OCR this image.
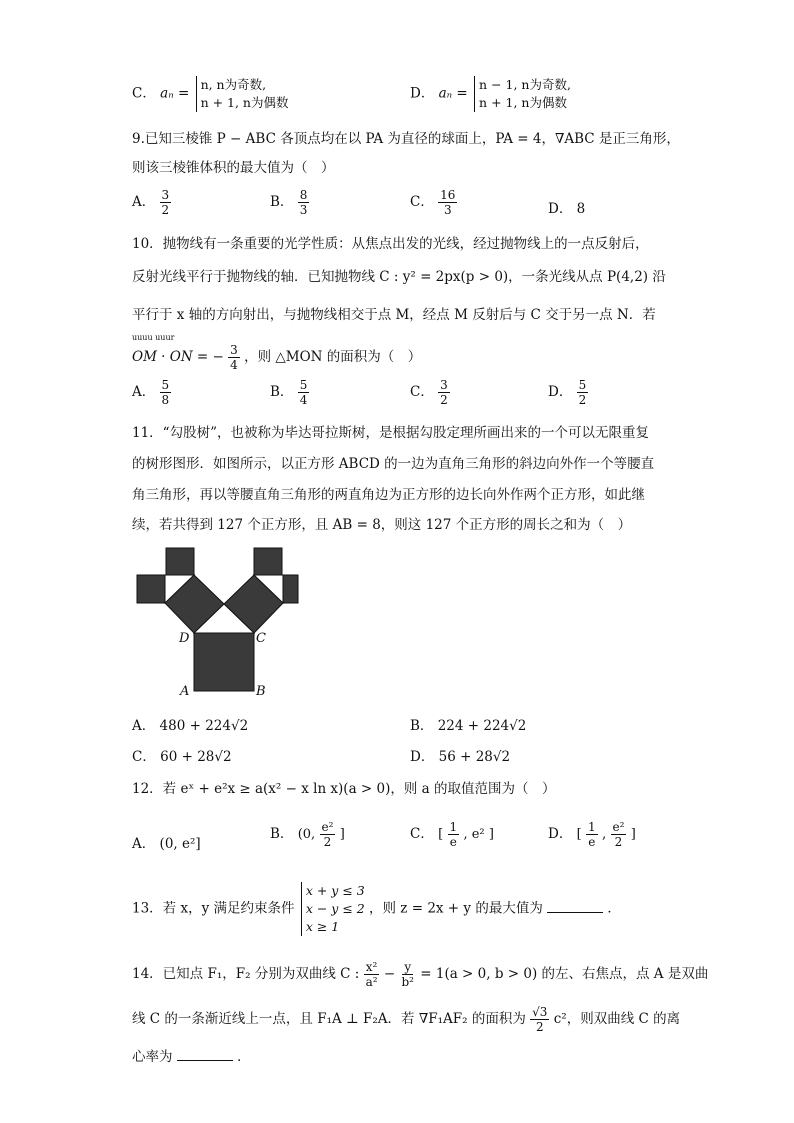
C． aₙ =
n, n为奇数,
n + 1, n为偶数
D． aₙ =
n − 1, n为奇数,
n + 1, n为偶数
9.已知三棱锥 P − ABC 各顶点均在以 PA 为直径的球面上，PA = 4，∇ABC 是正三角形，
则该三棱锥体积的最大值为（　）
A． $\frac{3}{2}$	B． $\frac{8}{3}$	C． $\frac{16}{3}$	D． 8
10．抛物线有一条重要的光学性质：从焦点出发的光线，经过抛物线上的一点反射后，
反射光线平行于抛物线的轴．已知抛物线 C : y² = 2px(p > 0)，一条光线从点 P(4,2) 沿
平行于 x 轴的方向射出，与抛物线相交于点 M，经点 M 反射后与 C 交于另一点 N．若
uuuu uuur
OM · ON = − $\frac{3}{4}$ ，则 △MON 的面积为（　）
A． $\frac{5}{8}$	B． $\frac{5}{4}$	C． $\frac{3}{2}$	D． $\frac{5}{2}$
11．“勾股树”，也被称为毕达哥拉斯树，是根据勾股定理所画出来的一个可以无限重复
的树形图形．如图所示，以正方形 ABCD 的一边为直角三角形的斜边向外作一个等腰直
角三角形，再以等腰直角三角形的两直角边为正方形的边长向外作两个正方形，如此继
续，若共得到 127 个正方形，且 AB = 8，则这 127 个正方形的周长之和为（　）
D	C
A	B
A． 480 + 224√2	B． 224 + 224√2
C． 60 + 28√2	D． 56 + 28√2
12．若 eˣ + e²x ≥ a(x² − x ln x)(a > 0)，则 a 的取值范围为（　）
A． (0, e²]
B． (0, $\frac{\text{e²}}{2}$ ]	C． [ $\frac{1}{e}$ , e² ]	D． [ $\frac{1}{e}$ , $\frac{\text{e²}}{2}$ ]
13．若 x，y 满足约束条件
x + y ≤ 3
x − y ≤ 2
x ≥ 1
，则 z = 2x + y 的最大值为	．
14．已知点 F₁，F₂ 分别为双曲线 C : $\frac{\text{x²}}{\text{a²}} - \frac{y}{\text{b²}} = 1(a > 0$, b > 0) 的左、右焦点，点 A 是双曲
线 C 的一条渐近线上一点，且 F₁A ⊥ F₂A．若 ∇F₁AF₂ 的面积为 $\frac{√3}{2} c^2$，则双曲线 C 的离
心率为	．
